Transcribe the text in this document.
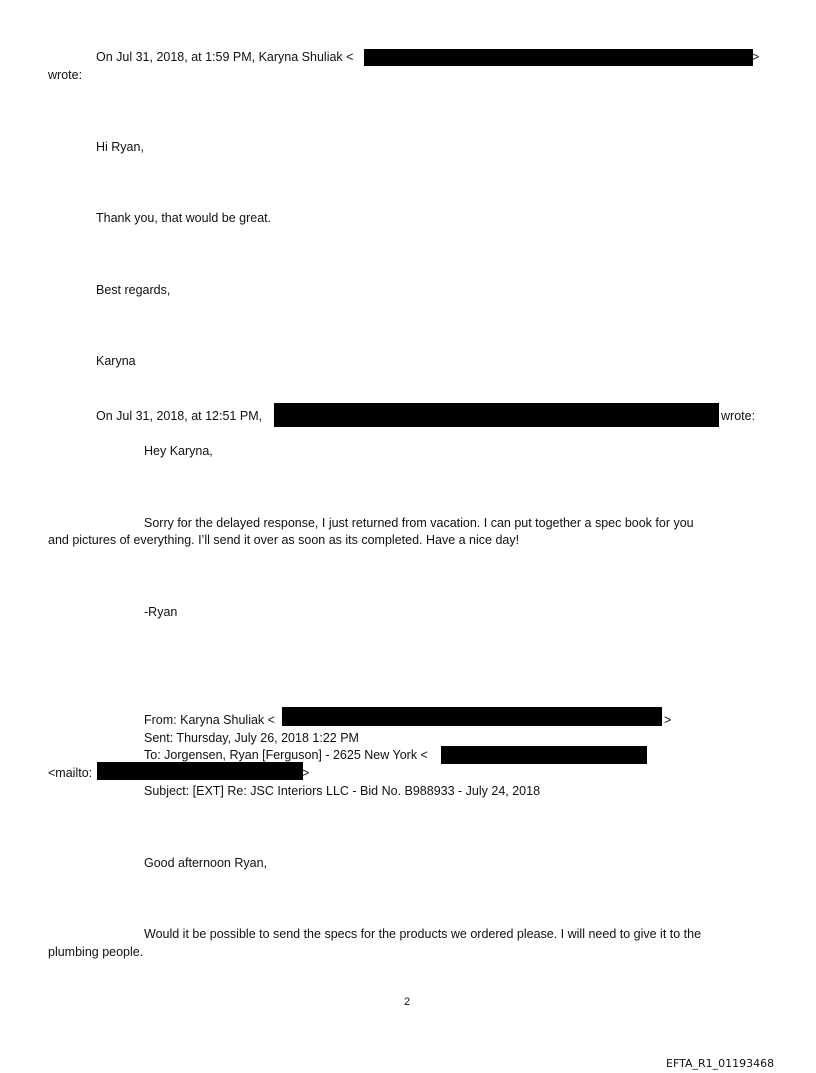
On Jul 31, 2018, at 1:59 PM, Karyna Shuliak <	>
wrote:
Hi Ryan,
Thank you, that would be great.
Best regards,
Karyna
On Jul 31, 2018, at 12:51 PM,	wrote:
Hey Karyna,
Sorry for the delayed response, I just returned from vacation. I can put together a spec book for you
and pictures of everything. I’ll send it over as soon as its completed. Have a nice day!
-Ryan
From: Karyna Shuliak <	>
Sent: Thursday, July 26, 2018 1:22 PM
To: Jorgensen, Ryan [Ferguson] - 2625 New York <
<mailto:	>
Subject: [EXT] Re: JSC Interiors LLC - Bid No. B988933 - July 24, 2018
Good afternoon Ryan,
Would it be possible to send the specs for the products we ordered please. I will need to give it to the
plumbing people.
2
EFTA_R1_01193468
